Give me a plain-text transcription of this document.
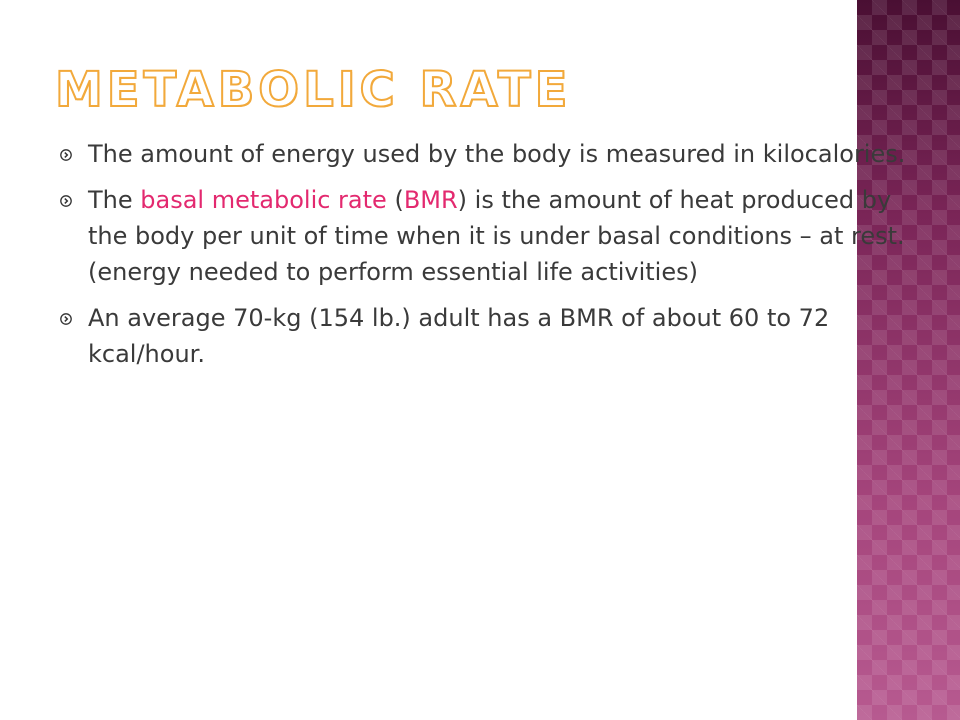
METABOLIC RATE
The amount of energy used by the body is measured in kilocalories.
The basal metabolic rate (BMR) is the amount of heat produced by the body per unit of time when it is under basal conditions – at rest. (energy needed to perform essential life activities)
An average 70-kg (154 lb.) adult has a BMR of about 60 to 72 kcal/hour.
